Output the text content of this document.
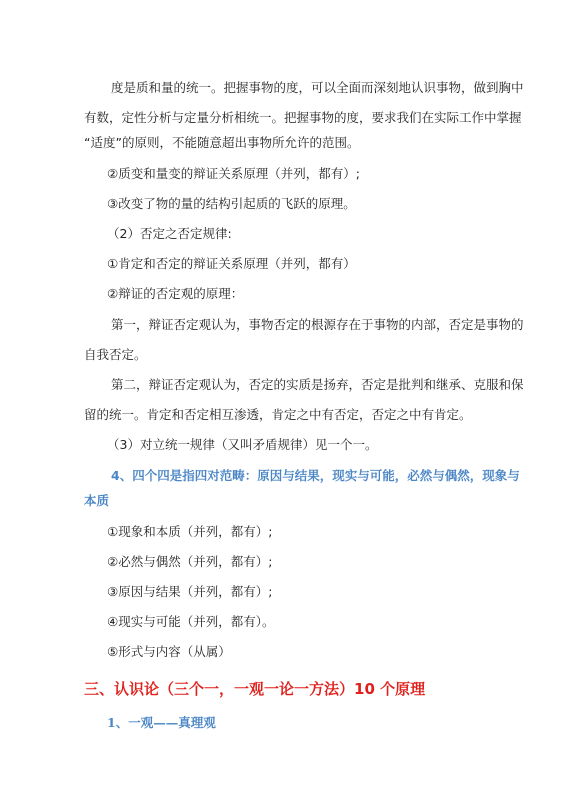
度是质和量的统一。把握事物的度，可以全面而深刻地认识事物，做到胸中
有数，定性分析与定量分析相统一。把握事物的度，要求我们在实际工作中掌握
“适度”的原则，不能随意超出事物所允许的范围。
②质变和量变的辩证关系原理（并列，都有）;
③改变了物的量的结构引起质的飞跃的原理。
（2）否定之否定规律:
①肯定和否定的辩证关系原理（并列，都有）
②辩证的否定观的原理：
第一，辩证否定观认为，事物否定的根源存在于事物的内部，否定是事物的
自我否定。
第二，辩证否定观认为，否定的实质是扬弃，否定是批判和继承、克服和保
留的统一。肯定和否定相互渗透，肯定之中有否定，否定之中有肯定。
（3）对立统一规律（又叫矛盾规律）见一个一。
4、四个四是指四对范畴：原因与结果，现实与可能，必然与偶然，现象与
本质
①现象和本质（并列，都有）;
②必然与偶然（并列，都有）;
③原因与结果（并列，都有）;
④现实与可能（并列，都有）。
⑤形式与内容（从属）
三、认识论（三个一，一观一论一方法）10 个原理
1、一观——真理观
